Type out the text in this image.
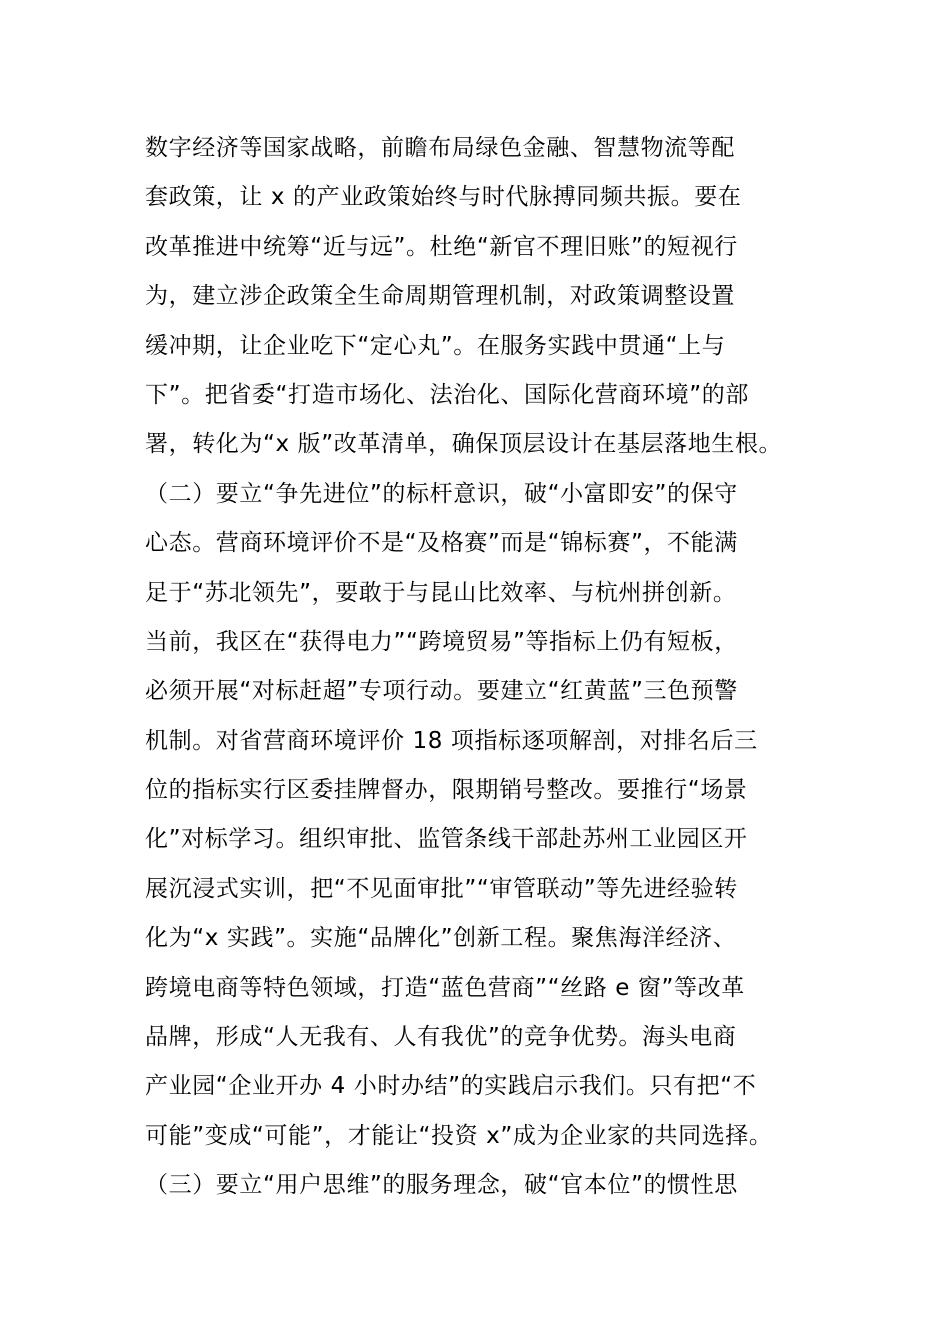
数字经济等国家战略，前瞻布局绿色金融、智慧物流等配
套政策，让 x 的产业政策始终与时代脉搏同频共振。要在
改革推进中统筹“近与远”。杜绝“新官不理旧账”的短视行
为，建立涉企政策全生命周期管理机制，对政策调整设置
缓冲期，让企业吃下“定心丸”。在服务实践中贯通“上与
下”。把省委“打造市场化、法治化、国际化营商环境”的部
署，转化为“x 版”改革清单，确保顶层设计在基层落地生根。
（二）要立“争先进位”的标杆意识，破“小富即安”的保守
心态。营商环境评价不是“及格赛”而是“锦标赛”，不能满
足于“苏北领先”，要敢于与昆山比效率、与杭州拼创新。
当前，我区在“获得电力”“跨境贸易”等指标上仍有短板，
必须开展“对标赶超”专项行动。要建立“红黄蓝”三色预警
机制。对省营商环境评价 18 项指标逐项解剖，对排名后三
位的指标实行区委挂牌督办，限期销号整改。要推行“场景
化”对标学习。组织审批、监管条线干部赴苏州工业园区开
展沉浸式实训，把“不见面审批”“审管联动”等先进经验转
化为“x 实践”。实施“品牌化”创新工程。聚焦海洋经济、
跨境电商等特色领域，打造“蓝色营商”“丝路 e 窗”等改革
品牌，形成“人无我有、人有我优”的竞争优势。海头电商
产业园“企业开办 4 小时办结”的实践启示我们。只有把“不
可能”变成“可能”，才能让“投资 x”成为企业家的共同选择。
（三）要立“用户思维”的服务理念，破“官本位”的惯性思
